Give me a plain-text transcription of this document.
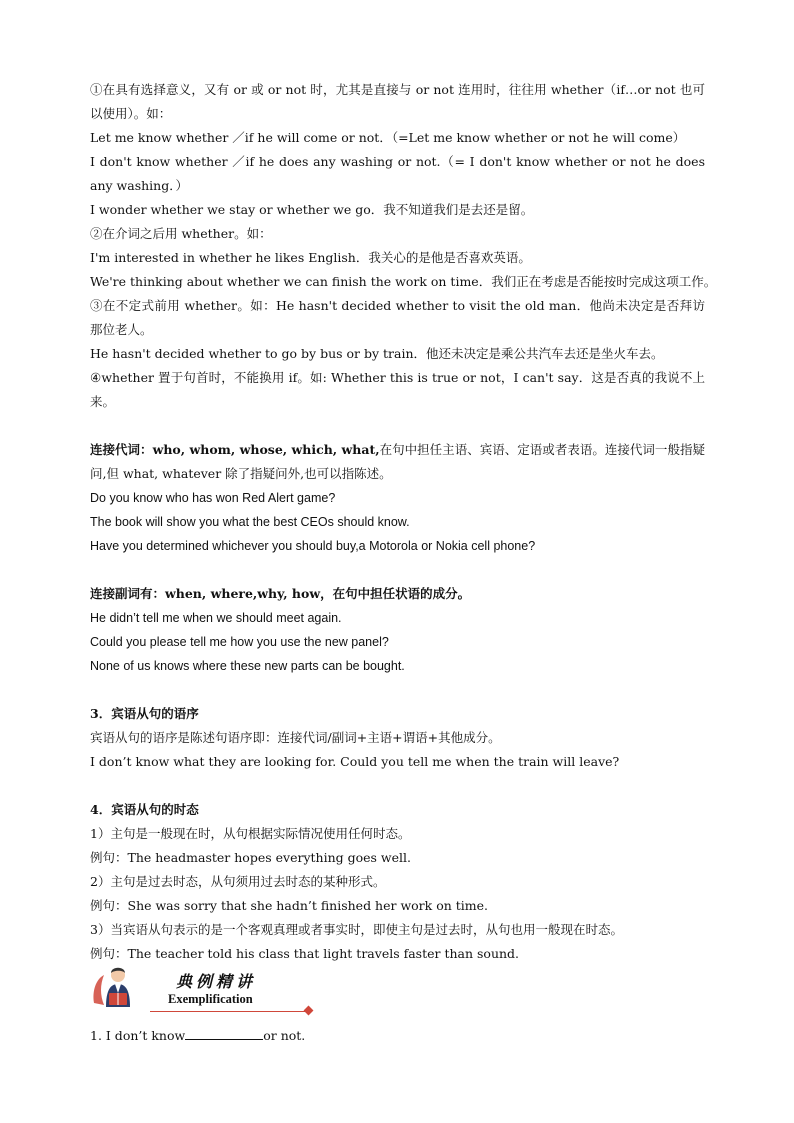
①在具有选择意义，又有 or 或 or not 时，尤其是直接与 or not 连用时，往往用 whether（if…or not 也可以使用）。如：
Let me know whether ／if he will come or not．（=Let me know whether or not he will come）
I don't know whether ／if he does any washing or not.（= I don't know whether or not he does any washing．）
I wonder whether we stay or whether we go．我不知道我们是去还是留。
②在介词之后用 whether。如：
I'm interested in whether he likes English．我关心的是他是否喜欢英语。
We're thinking about whether we can finish the work on time．我们正在考虑是否能按时完成这项工作。
③在不定式前用 whether。如：He hasn't decided whether to visit the old man．他尚未决定是否拜访那位老人。
He hasn't decided whether to go by bus or by train．他还未决定是乘公共汽车去还是坐火车去。
④whether 置于句首时，不能换用 if。如: Whether this is true or not，I can't say．这是否真的我说不上来。
连接代词：who, whom, whose, which, what,在句中担任主语、宾语、定语或者表语。连接代词一般指疑问,但 what, whatever 除了指疑问外,也可以指陈述。
Do you know who has won Red Alert game?
The book will show you what the best CEOs should know.
Have you determined whichever you should buy,a Motorola or Nokia cell phone?
连接副词有：when, where,why, how，在句中担任状语的成分。
He didn’t tell me when we should meet again.
Could you please tell me how you use the new panel?
None of us knows where these new parts can be bought.
3．宾语从句的语序
宾语从句的语序是陈述句语序即：连接代词/副词+主语+谓语+其他成分。
I don’t know what they are looking for. Could you tell me when the train will leave?
4．宾语从句的时态
1）主句是一般现在时，从句根据实际情况使用任何时态。
例句：The headmaster hopes everything goes well.
2）主句是过去时态，从句须用过去时态的某种形式。
例句：She was sorry that she hadn’t finished her work on time.
3）当宾语从句表示的是一个客观真理或者事实时，即使主句是过去时，从句也用一般现在时态。
例句：The teacher told his class that light travels faster than sound.
典例精讲
Exemplification
1. I don’t know	or not.
